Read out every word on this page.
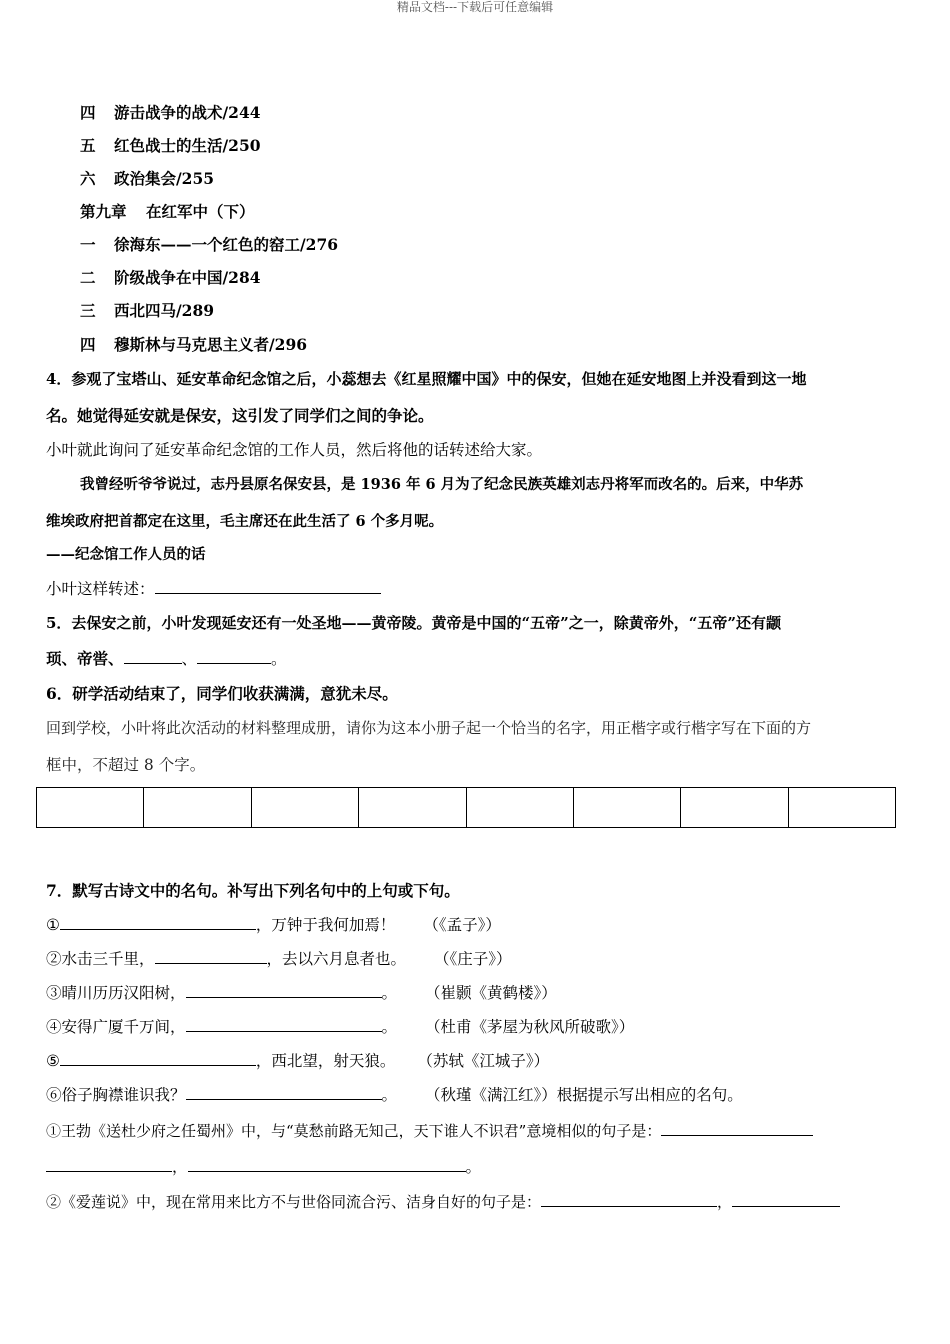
精品文档---下载后可任意编辑
四 游击战争的战术/244
五 红色战士的生活/250
六 政治集会/255
第九章 在红军中（下）
一 徐海东——一个红色的窑工/276
二 阶级战争在中国/284
三 西北四马/289
四 穆斯林与马克思主义者/296
4．参观了宝塔山、延安革命纪念馆之后，小蕊想去《红星照耀中国》中的保安，但她在延安地图上并没看到这一地
名。她觉得延安就是保安，这引发了同学们之间的争论。
小叶就此询问了延安革命纪念馆的工作人员，然后将他的话转述给大家。
我曾经听爷爷说过，志丹县原名保安县，是 1936 年 6 月为了纪念民族英雄刘志丹将军而改名的。后来，中华苏
维埃政府把首都定在这里，毛主席还在此生活了 6 个多月呢。
——纪念馆工作人员的话
小叶这样转述：
5．去保安之前，小叶发现延安还有一处圣地——黄帝陵。黄帝是中国的“五帝”之一，除黄帝外，“五帝”还有颛
顼、帝喾、	、	。
6．研学活动结束了，同学们收获满满，意犹未尽。
回到学校，小叶将此次活动的材料整理成册，请你为这本小册子起一个恰当的名字，用正楷字或行楷字写在下面的方
框中，不超过 8 个字。
7．默写古诗文中的名句。补写出下列名句中的上句或下句。
①	，万钟于我何加焉！ （《孟子》）
②水击三千里，	，去以六月息者也。 （《庄子》）
③晴川历历汉阳树，	。 （崔颢《黄鹤楼》）
④安得广厦千万间，	。 （杜甫《茅屋为秋风所破歌》）
⑤	，西北望，射天狼。 （苏轼《江城子》）
⑥俗子胸襟谁识我？	。 （秋瑾《满江红》）根据提示写出相应的名句。
①王勃《送杜少府之任蜀州》中，与“莫愁前路无知己，天下谁人不识君”意境相似的句子是：
，	。
②《爱莲说》中，现在常用来比方不与世俗同流合污、洁身自好的句子是：	，
